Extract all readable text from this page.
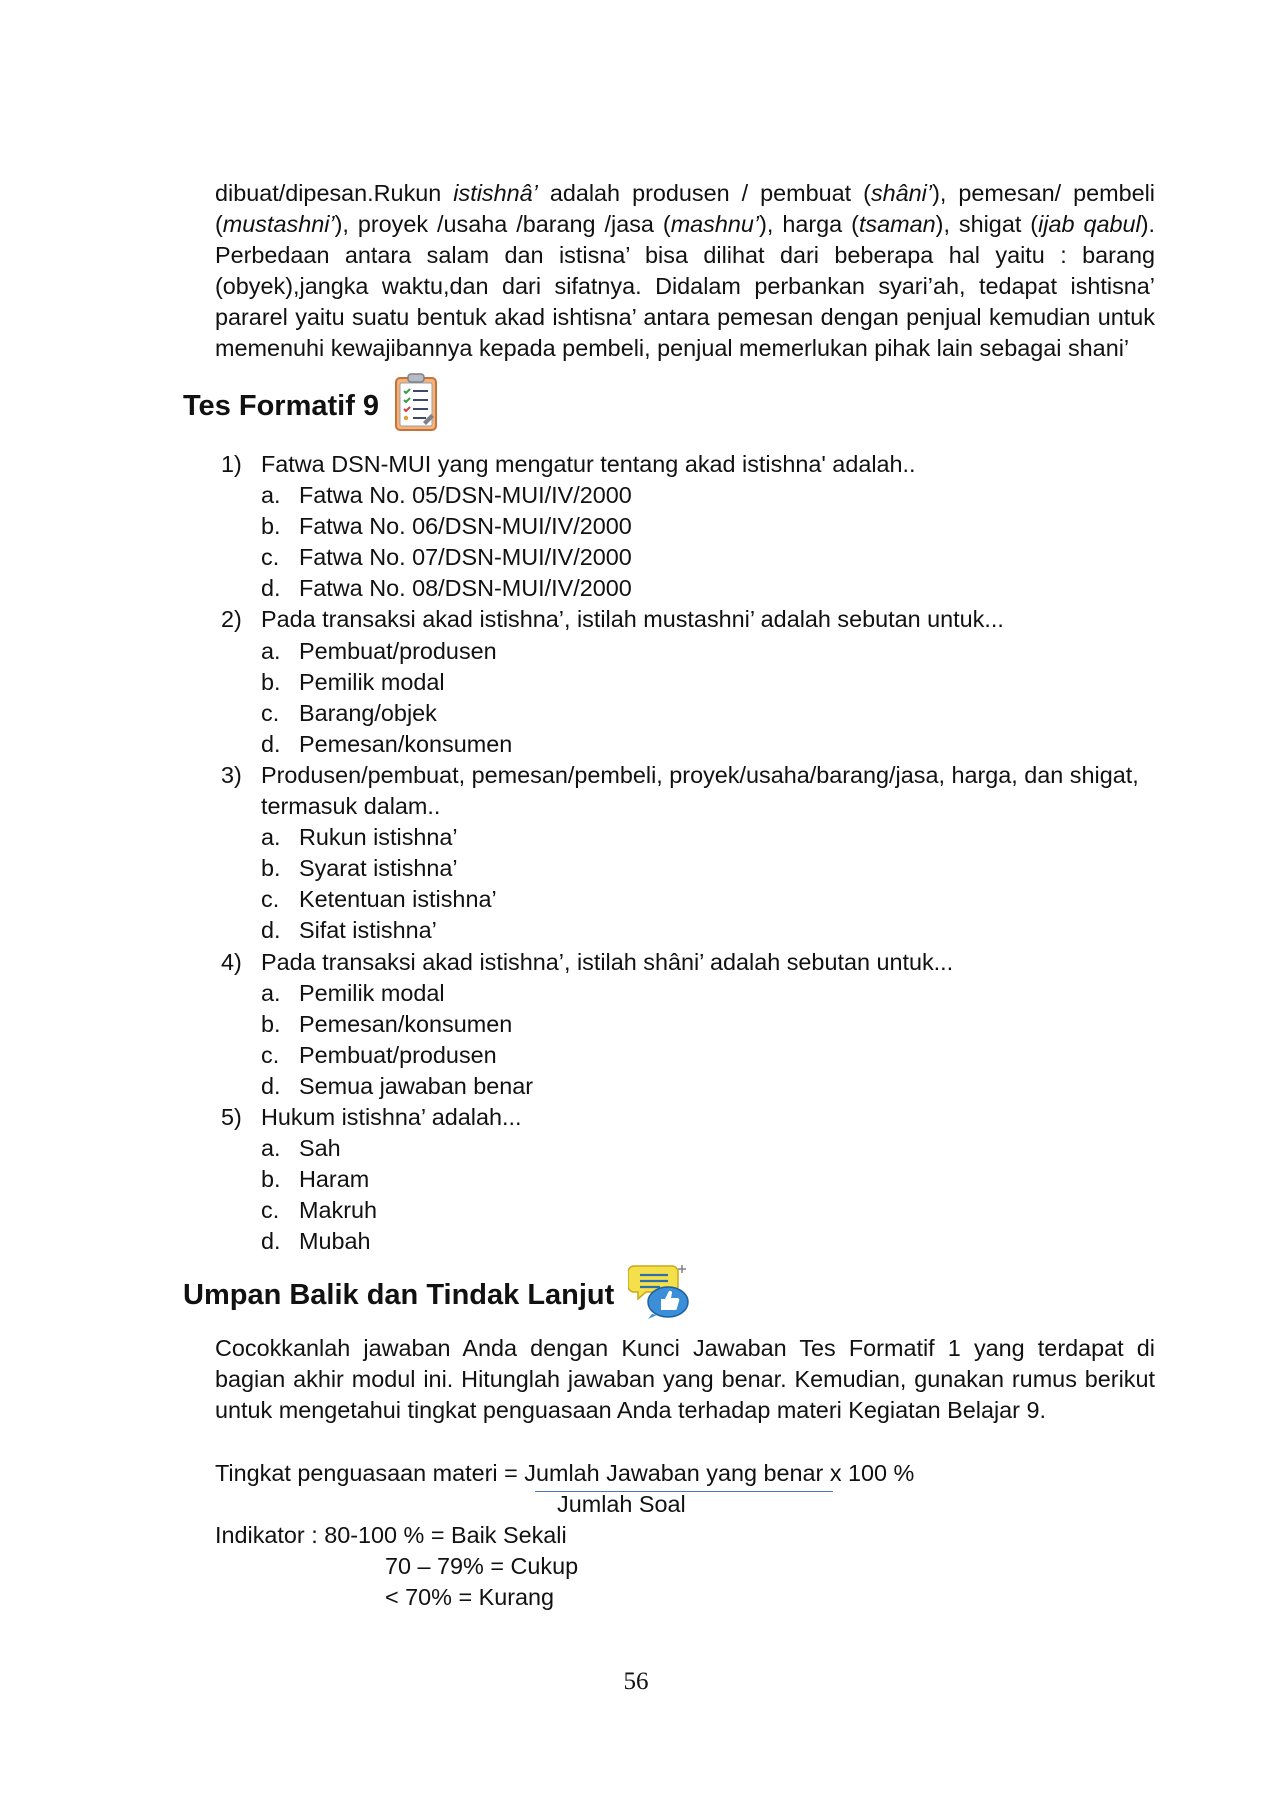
dibuat/dipesan.Rukun istishnâ’ adalah produsen / pembuat (shâni’), pemesan/ pembeli (mustashni’), proyek /usaha /barang /jasa (mashnu’), harga (tsaman), shigat (ijab qabul). Perbedaan antara salam dan istisna’ bisa dilihat dari beberapa hal yaitu : barang (obyek),jangka waktu,dan dari sifatnya. Didalam perbankan syari’ah, tedapat ishtisna’ pararel yaitu suatu bentuk akad ishtisna’ antara pemesan dengan penjual kemudian untuk memenuhi kewajibannya kepada pembeli, penjual memerlukan pihak lain sebagai shani’

Tes Formatif 9
1) Fatwa DSN-MUI yang mengatur tentang akad istishna' adalah..
a. Fatwa No. 05/DSN-MUI/IV/2000
b. Fatwa No. 06/DSN-MUI/IV/2000
c. Fatwa No. 07/DSN-MUI/IV/2000
d. Fatwa No. 08/DSN-MUI/IV/2000
2) Pada transaksi akad istishna’, istilah mustashni’ adalah sebutan untuk...
a. Pembuat/produsen
b. Pemilik modal
c. Barang/objek
d. Pemesan/konsumen
3) Produsen/pembuat, pemesan/pembeli, proyek/usaha/barang/jasa, harga, dan shigat, termasuk dalam..
a. Rukun istishna’
b. Syarat istishna’
c. Ketentuan istishna’
d. Sifat istishna’
4) Pada transaksi akad istishna’, istilah shâni’ adalah sebutan untuk...
a. Pemilik modal
b. Pemesan/konsumen
c. Pembuat/produsen
d. Semua jawaban benar
5) Hukum istishna’ adalah...
a. Sah
b. Haram
c. Makruh
d. Mubah
Umpan Balik dan Tindak Lanjut

Cocokkanlah jawaban Anda dengan Kunci Jawaban Tes Formatif 1 yang terdapat di bagian akhir modul ini. Hitunglah jawaban yang benar. Kemudian, gunakan rumus berikut untuk mengetahui tingkat penguasaan Anda terhadap materi Kegiatan Belajar 9.

Tingkat penguasaan materi = Jumlah Jawaban yang benar x 100 %
Jumlah Soal
Indikator : 80-100 % = Baik Sekali
70 – 79% = Cukup
< 70% = Kurang
56
